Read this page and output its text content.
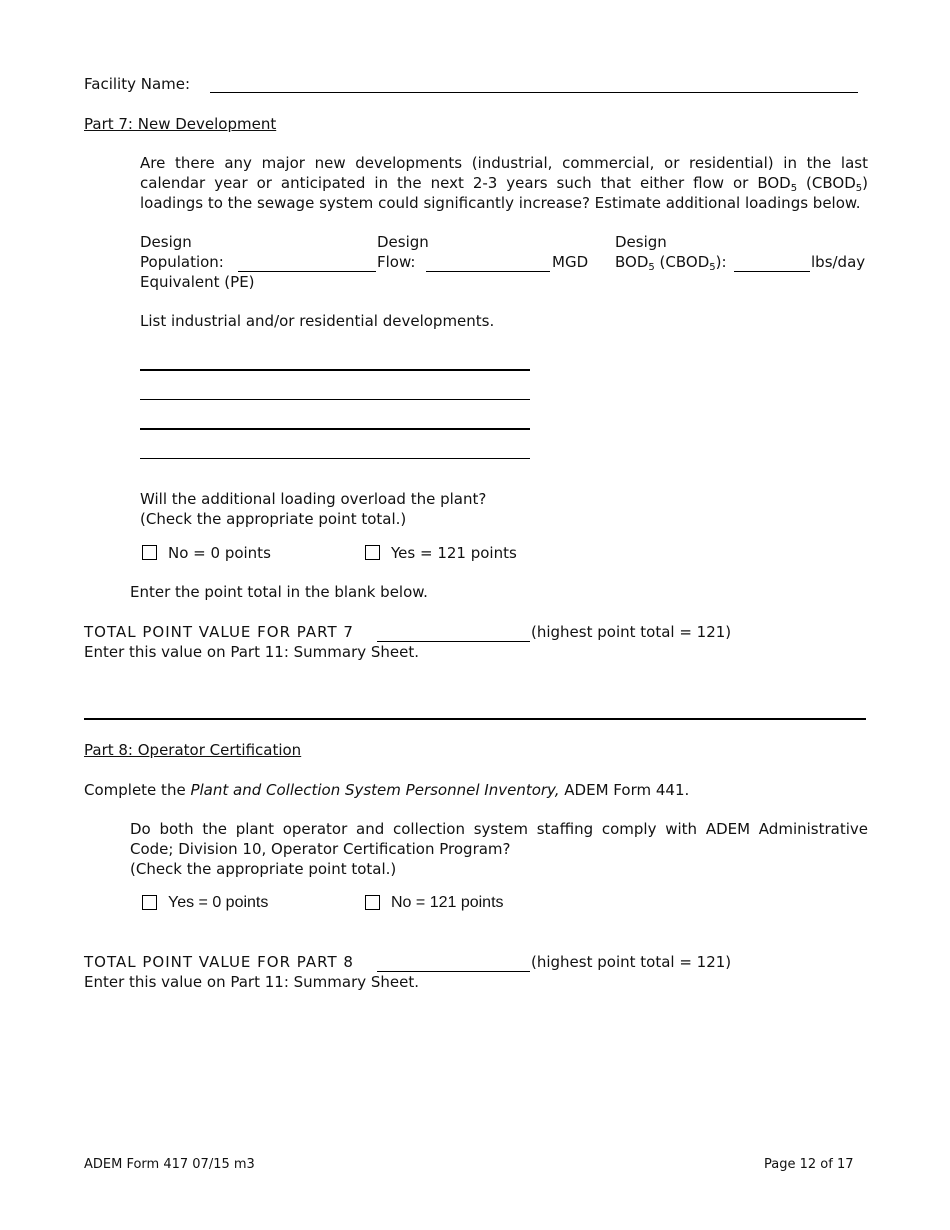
Facility Name:
Part 7: New Development
Are there any major new developments (industrial, commercial, or residential) in the last
calendar year or anticipated in the next 2-3 years such that either flow or $BOD_5$ $(CBOD_5)$
loadings to the sewage system could significantly increase? Estimate additional loadings below.
Design
Population:
Equivalent (PE)
Design
Flow:	MGD
Design
$BOD_5$ $(CBOD_5)$:	lbs/day
List industrial and/or residential developments.
Will the additional loading overload the plant?
(Check the appropriate point total.)
No = 0 points	Yes = 121 points
Enter the point total in the blank below.
TOTAL POINT VALUE FOR PART 7	(highest point total = 121)
Enter this value on Part 11: Summary Sheet.
Part 8: Operator Certification
Complete the Plant and Collection System Personnel Inventory, ADEM Form 441.
Do both the plant operator and collection system staffing comply with ADEM Administrative
Code; Division 10, Operator Certification Program?
(Check the appropriate point total.)
Yes = 0 points	No = 121 points
TOTAL POINT VALUE FOR PART 8	(highest point total = 121)
Enter this value on Part 11: Summary Sheet.
ADEM Form 417 07/15 m3	Page 12 of 17
